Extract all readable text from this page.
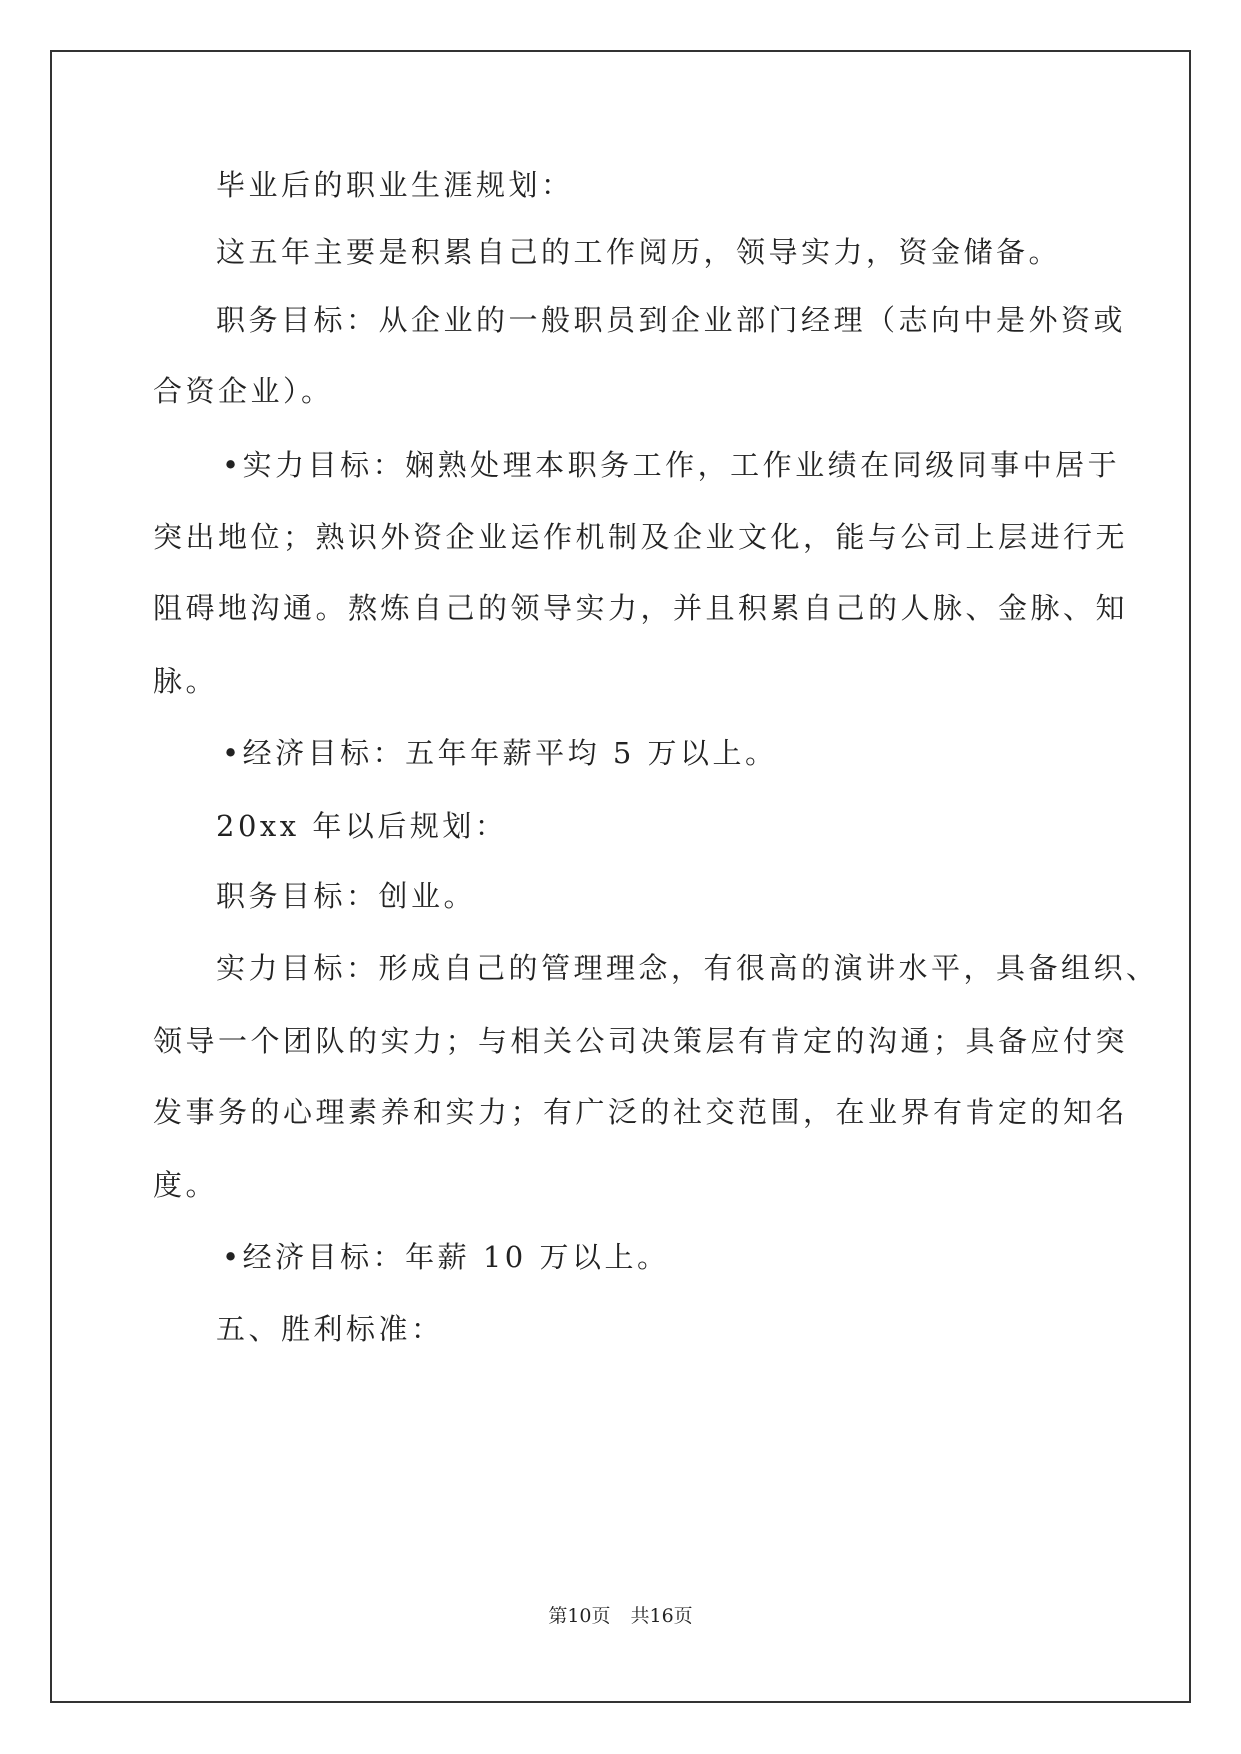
毕业后的职业生涯规划：
这五年主要是积累自己的工作阅历，领导实力，资金储备。
职务目标：从企业的一般职员到企业部门经理（志向中是外资或
合资企业）。
•实力目标：娴熟处理本职务工作，工作业绩在同级同事中居于
突出地位；熟识外资企业运作机制及企业文化，能与公司上层进行无
阻碍地沟通。熬炼自己的领导实力，并且积累自己的人脉、金脉、知
脉。
•经济目标：五年年薪平均 5 万以上。
20xx 年以后规划：
职务目标：创业。
实力目标：形成自己的管理理念，有很高的演讲水平，具备组织、
领导一个团队的实力；与相关公司决策层有肯定的沟通；具备应付突
发事务的心理素养和实力；有广泛的社交范围，在业界有肯定的知名
度。
•经济目标：年薪 10 万以上。
五、胜利标准：
第10页 共16页
